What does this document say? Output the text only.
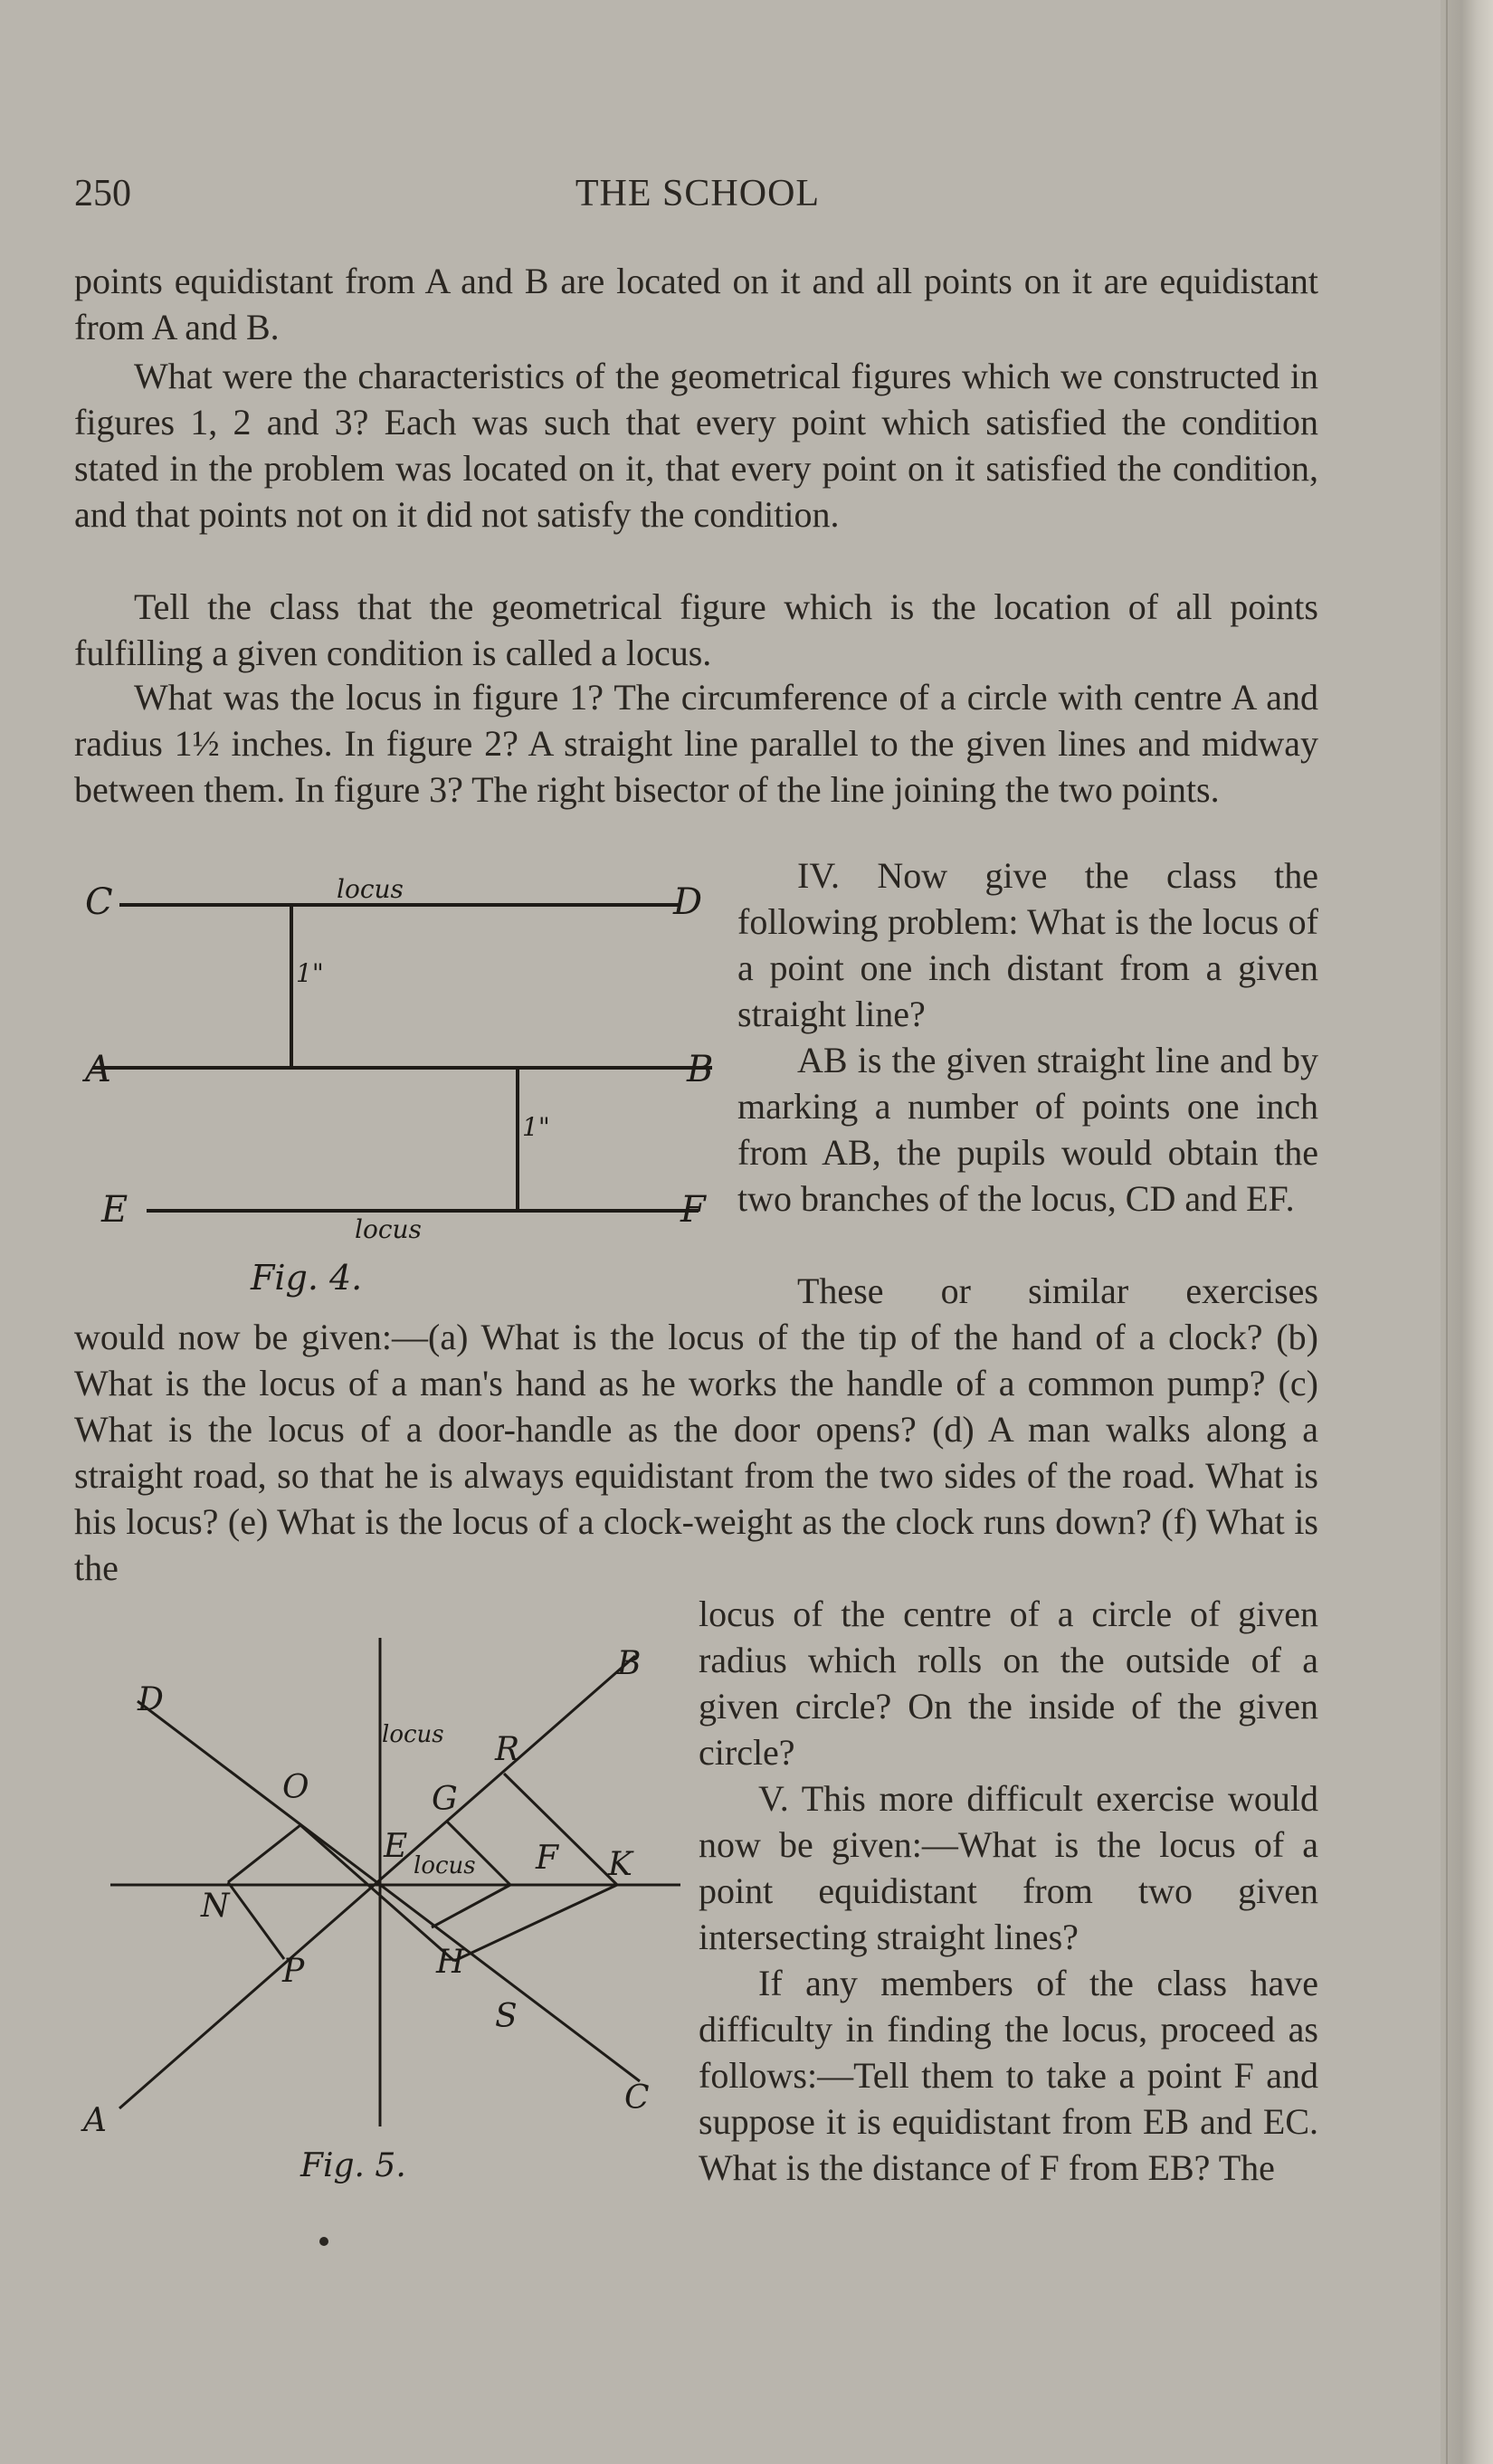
250	THE SCHOOL

points equidistant from A and B are located on it and all points on it are equidistant from A and B.

What were the characteristics of the geometrical figures which we constructed in figures 1, 2 and 3? Each was such that every point which satisfied the condition stated in the problem was located on it, that every point on it satisfied the condition, and that points not on it did not satisfy the condition.

Tell the class that the geometrical figure which is the location of all points fulfilling a given condition is called a locus.

What was the locus in figure 1? The circumference of a circle with centre A and radius 1½ inches. In figure 2? A straight line parallel to the given lines and midway between them. In figure 3? The right bisector of the line joining the two points.

C	D
A	B
E	F
locus
locus
1"
1"
Fig. 4.

IV. Now give the class the following problem: What is the locus of a point one inch distant from a given straight line?

AB is the given straight line and by marking a number of points one inch from AB, the pupils would obtain the two branches of the locus, CD and EF.

These or similar exercises

would now be given:—(a) What is the locus of the tip of the hand of a clock? (b) What is the locus of a man's hand as he works the handle of a common pump? (c) What is the locus of a door-handle as the door opens? (d) A man walks along a straight road, so that he is always equidistant from the two sides of the road. What is his locus? (e) What is the locus of a clock-weight as the clock runs down? (f) What is the

locus of the centre of a circle of given radius which rolls on the outside of a given circle? On the inside of the given circle?

D
B
A
C
O
R
G
E	F K
N
P	H
S
locus
locus
Fig. 5.

V. This more difficult exercise would now be given:—What is the locus of a point equidistant from two given intersecting straight lines?

If any members of the class have difficulty in finding the locus, proceed as follows:—Tell them to take a point F and suppose it is equidistant from EB and EC. What is the distance of F from EB? The
